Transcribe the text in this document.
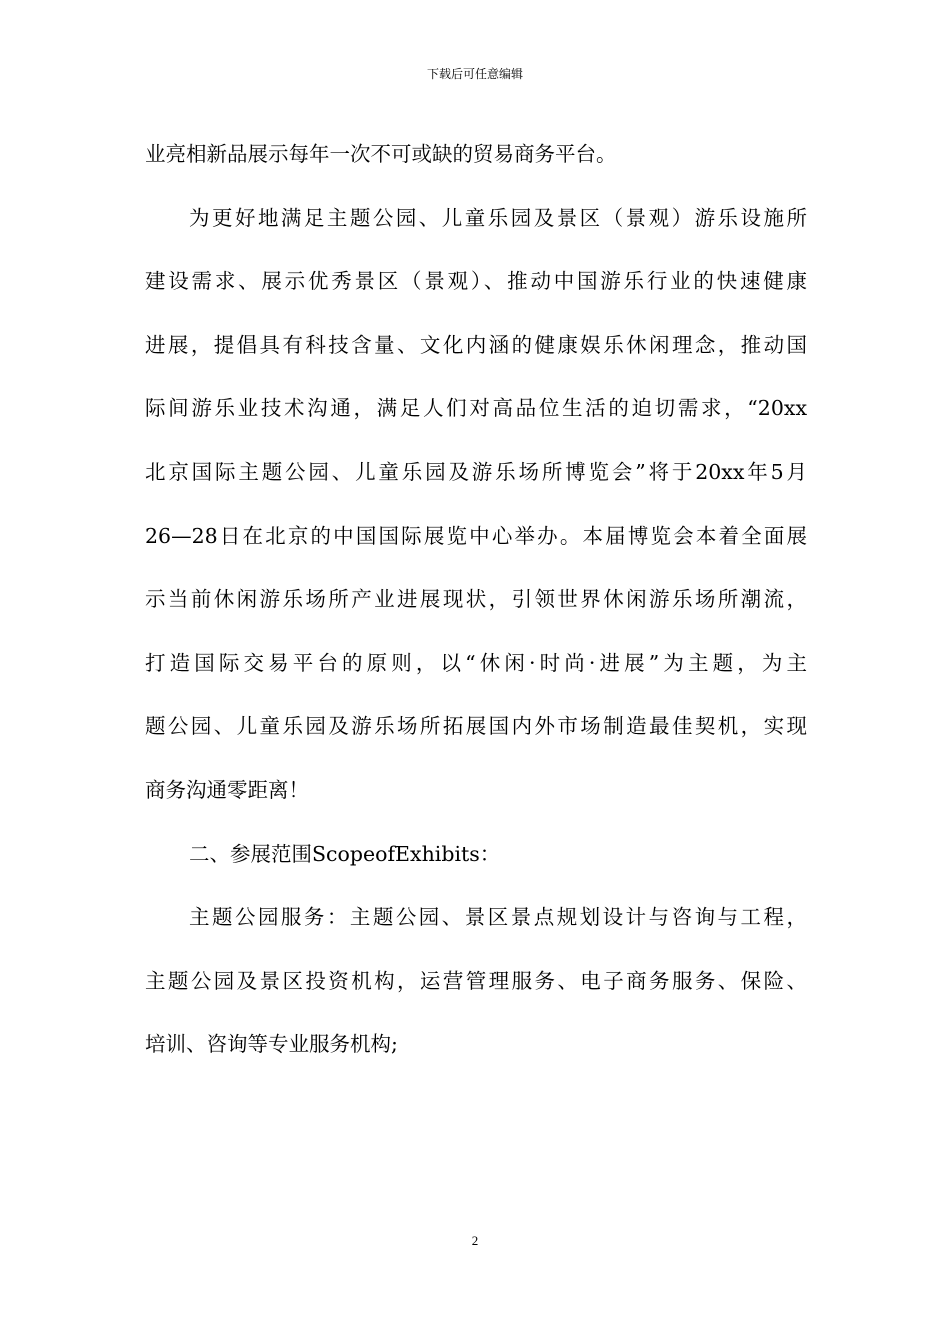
下载后可任意编辑
业亮相新品展示每年一次不可或缺的贸易商务平台。
为更好地满足主题公园、儿童乐园及景区（景观）游乐设施所
建设需求、展示优秀景区（景观）、推动中国游乐行业的快速健康
进展，提倡具有科技含量、文化内涵的健康娱乐休闲理念，推动国
际间游乐业技术沟通，满足人们对高品位生活的迫切需求，“20xx
北京国际主题公园、儿童乐园及游乐场所博览会”将于20xx年5月
26—28日在北京的中国国际展览中心举办。本届博览会本着全面展
示当前休闲游乐场所产业进展现状，引领世界休闲游乐场所潮流，
打造国际交易平台的原则，以“休闲·时尚·进展”为主题，为主
题公园、儿童乐园及游乐场所拓展国内外市场制造最佳契机，实现
商务沟通零距离！
二、参展范围ScopeofExhibits：
主题公园服务：主题公园、景区景点规划设计与咨询与工程，
主题公园及景区投资机构，运营管理服务、电子商务服务、保险、
培训、咨询等专业服务机构;
2
